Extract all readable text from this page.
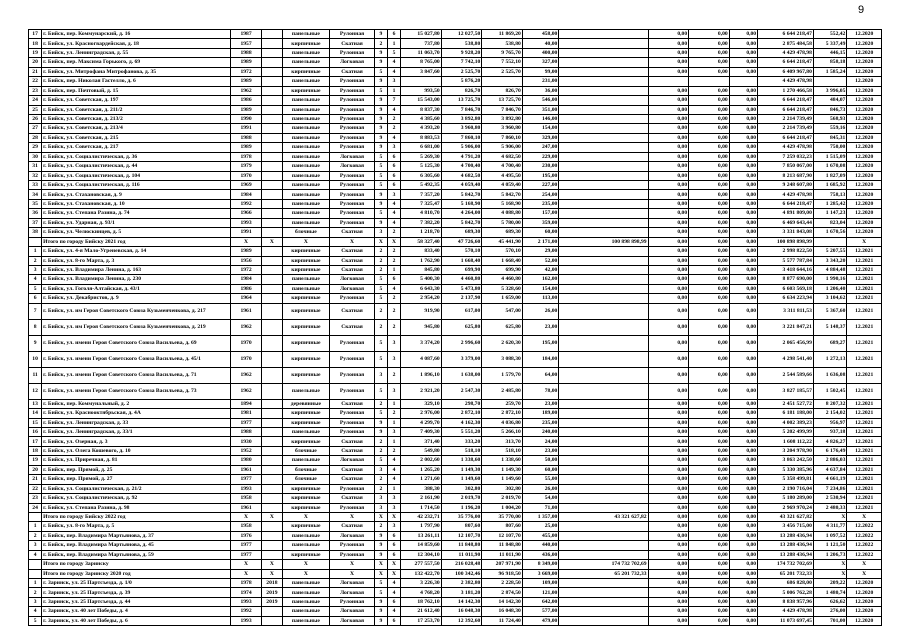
9
17	г. Бийск, пер. Коммунарский, д. 16	1987		панельные	Рулонная	9	6	15 027,80	12 027,50	11 869,20	458,00		0,00	0,00	0,00	6 644 218,47	552,42	12.2020
18	г. Бийск, ул. Красногвардейская, д. 18	1957		кирпичные	Скатная	2	1	737,80	538,80	538,80	40,00		0,00	0,00	0,00	2 875 484,58	5 337,49	12.2020
19	г. Бийск, ул. Ленинградская, д. 55	1988		панельные	Рулонная	9	5	11 063,70	9 928,20	9 765,70	400,00		0,00	0,00	0,00	4 429 478,98	446,15	12.2020
20	г. Бийск, пер. Максима Горького, д. 69	1989		панельные	Логковая	9	4	8 765,00	7 742,10	7 552,10	327,00		0,00	0,00	0,00	6 644 218,47	858,18	12.2020
21	г. Бийск, ул. Митрофана Митрофанова, д. 35	1972		кирпичные	Скатная	5	4	3 847,60	2 525,70	2 525,70	99,00		0,00	0,00	0,00	6 409 967,80	1 585,24	12.2020
22	г. Бийск, пер. Николая Гастелло, д. 6	1989		панельные	Рулонная	9	3		5 876,20		231,00					4 429 478,98		12.2020
23	г. Бийск, пер. Почтовый, д. 15	1962		кирпичные	Рулонная	5	1	993,50	826,70	826,70	36,00		0,00	0,00	0,00	1 270 466,58	3 996,05	12.2020
24	г. Бийск, ул. Советская, д. 197	1986		панельные	Рулонная	9	7	15 543,00	13 725,70	13 725,70	546,00		0,00	0,00	0,00	6 644 218,47	484,07	12.2020
25	г. Бийск, ул. Советская, д. 211/2	1989		панельные	Рулонная	9	4	8 837,30	7 846,70	7 846,70	351,00		0,00	0,00	0,00	6 644 218,47	846,73	12.2020
26	г. Бийск, ул. Советская, д. 213/2	1990		панельные	Рулонная	9	2	4 385,60	3 892,80	3 892,80	146,00		0,00	0,00	0,00	2 214 739,49	568,93	12.2020
27	г. Бийск, ул. Советская, д. 213/4	1991		панельные	Рулонная	9	2	4 393,20	3 960,80	3 960,80	154,00		0,00	0,00	0,00	2 214 739,49	559,16	12.2020
28	г. Бийск, ул. Советская, д. 215	1988		панельные	Рулонная	9	4	8 883,53	7 860,10	7 860,10	329,00		0,00	0,00	0,00	6 644 218,47	845,31	12.2020
29	г. Бийск, ул. Советская, д. 217	1989		панельные	Рулонная	9	3	6 681,00	5 906,00	5 906,00	247,00		0,00	0,00	0,00	4 429 478,98	750,00	12.2020
30	г. Бийск, ул. Социалистическая, д. 36	1978		панельные	Логковая	5	6	5 269,30	4 791,20	4 682,50	229,00		0,00	0,00	0,00	7 259 032,23	1 515,09	12.2020
31	г. Бийск, ул. Социалистическая, д. 44	1979		панельные	Логковая	5	6	5 125,30	4 700,40	4 700,40	230,00		0,00	0,00	0,00	7 850 067,00	1 670,08	12.2020
32	г. Бийск, ул. Социалистическая, д. 104	1970		панельные	Рулонная	5	6	6 305,60	4 682,50	4 495,50	195,00		0,00	0,00	0,00	8 213 687,90	1 827,09	12.2020
33	г. Бийск, ул. Социалистическая, д. 116	1969		панельные	Рулонная	5	6	5 492,35	4 059,40	4 059,40	227,00		0,00	0,00	0,00	9 248 607,80	1 685,92	12.2020
34	г. Бийск, ул. Стахановская, д. 9	1984		панельные	Рулонная	9	3	7 357,20	5 842,70	5 842,70	254,00		0,00	0,00	0,00	4 429 478,98	758,13	12.2020
35	г. Бийск, ул. Стахановская, д. 10	1992		панельные	Рулонная	9	4	7 325,47	5 168,90	5 168,90	235,00		0,00	0,00	0,00	6 644 218,47	1 285,42	12.2020
36	г. Бийск, ул. Степана Разина, д. 74	1966		панельные	Рулонная	5	4	4 810,70	4 264,00	4 088,80	157,00		0,00	0,00	0,00	4 891 809,00	1 147,23	12.2020
37	г. Бийск, ул. Ударная, д. 93/1	1993		панельные	Рулонная	9	4	7 382,20	5 842,70	5 780,00	359,00		0,00	0,00	0,00	6 469 643,44	823,04	12.2020
38	г. Бийск, ул. Челюскинцев, д. 5	1991		блочные	Скатная	3	2	1 218,70	689,30	689,30	60,00		0,00	0,00	0,00	3 331 843,08	1 670,56	12.2020
	Итого по городу Бийску 2021 год	X	X	X	X	X	X	58 327,40	47 726,60	45 441,90	2 171,00	100 898 898,99	0,00	0,00	0,00	100 898 898,99		X
1	г. Бийск, ул. 4-я Мало-Угреневская, д. 14	1989		кирпичные	Скатная	2	2	833,40	570,10	570,10	29,00		0,00	0,00	0,00	2 998 822,50	5 207,55	12.2021
2	г. Бийск, ул. 8-го Марта, д. 3	1956		кирпичные	Скатная	2	2	1 762,90	1 668,40	1 668,40	52,00		0,00	0,00	0,00	5 577 787,84	3 343,20	12.2021
3	г. Бийск, ул. Владимира Ленина, д. 163	1972		кирпичные	Скатная	2	1	845,80	699,90	699,90	42,00		0,00	0,00	0,00	3 418 644,16	4 884,48	12.2021
4	г. Бийск, ул. Владимира Ленина, д. 230	1984		панельные	Логковая	5	6	5 400,30	4 460,80	4 460,80	162,00		0,00	0,00	0,00	8 877 690,00	1 990,16	12.2021
5	г. Бийск, ул. Гоголя-Алтайская, д. 43/1	1986		панельные	Логковая	5	4	6 643,30	5 473,80	5 328,60	154,00		0,00	0,00	0,00	6 603 569,18	1 206,40	12.2021
6	г. Бийск, ул. Декабристов, д. 9	1964		кирпичные	Рулонная	5	2	2 954,20	2 137,90	1 659,00	113,00		0,00	0,00	0,00	6 634 223,94	3 104,62	12.2021
7	г. Бийск, ул. им Героя Советского Союза Кузьменченкова, д. 217	1961		кирпичные	Скатная	2	2	919,90	617,00	547,00	26,00		0,00	0,00	0,00	3 311 811,53	5 367,60	12.2021
8	г. Бийск, ул. им Героя Советского Союза Кузьменченкова, д. 219	1962		кирпичные	Скатная	2	2	945,80	625,80	625,80	23,00		0,00	0,00	0,00	3 221 847,21	5 148,37	12.2021
9	г. Бийск, ул. имени Героя Советского Союза Васильева, д. 69	1970		кирпичные	Рулонная	5	3	3 374,20	2 996,60	2 620,30	195,00		0,00	0,00	0,00	2 065 456,99	689,27	12.2021
10	г. Бийск, ул. имени Героя Советского Союза Васильева, д. 45/1	1970		кирпичные	Рулонная	5	3	4 087,60	3 379,00	3 088,30	184,00		0,00	0,00	0,00	4 298 541,40	1 272,13	12.2021
11	г. Бийск, ул. имени Героя Советского Союза Васильева, д. 71	1962		кирпичные	Рулонная	3	2	1 896,10	1 638,00	1 579,70	64,00		0,00	0,00	0,00	2 544 589,66	1 636,08	12.2021
12	г. Бийск, ул. имени Героя Советского Союза Васильева, д. 73	1962		панельные	Рулонная	5	3	2 921,20	2 547,30	2 485,80	78,00		0,00	0,00	0,00	3 827 185,57	1 502,45	12.2021
13	г. Бийск, пер. Коммунальный, д. 2	1894		деревянные	Скатная	2	1	329,10	298,70	259,70	23,00		0,00	0,00	0,00	2 451 527,72	8 207,32	12.2021
14	г. Бийск, ул. Краснооктябрьская, д. 4А	1981		кирпичные	Рулонная	5	2	2 976,00	2 872,10	2 872,10	189,00		0,00	0,00	0,00	6 181 188,00	2 154,02	12.2021
15	г. Бийск, ул. Ленинградская, д. 33	1977		кирпичные	Рулонная	9	1	4 299,70	4 162,30	4 036,80	235,00		0,00	0,00	0,00	4 002 389,23	956,97	12.2021
16	г. Бийск, ул. Ленинградская, д. 33/1	1988		панельные	Рулонная	9	3	7 409,30	5 551,20	5 266,10	240,00		0,00	0,00	0,00	5 202 499,99	937,18	12.2021
17	г. Бийск, ул. Озерная, д. 3	1930		кирпичные	Скатная	2	1	371,40	333,20	313,70	24,00		0,00	0,00	0,00	1 608 112,22	4 826,27	12.2021
18	г. Бийск, ул. Олега Кошевого, д. 10	1952		блочные	Скатная	2	2	549,80	518,10	518,10	23,00		0,00	0,00	0,00	3 204 978,90	6 176,49	12.2021
19	г. Бийск, ул. Приречная, д. 81	1980		панельные	Логковая	5	4	2 002,60	1 338,60	1 338,60	50,00		0,00	0,00	0,00	3 863 242,50	2 886,03	12.2021
20	г. Бийск, пер. Прямой, д. 25	1961		блочные	Скатная	3	4	1 265,20	1 149,30	1 149,30	60,00		0,00	0,00	0,00	5 330 385,96	4 637,84	12.2021
21	г. Бийск, пер. Прямой, д. 27	1977		блочные	Скатная	2	4	1 271,60	1 149,60	1 149,60	55,00		0,00	0,00	0,00	5 358 499,81	4 661,19	12.2021
22	г. Бийск, ул. Социалистическая, д. 21/2	1993		кирпичные	Рулонная	2	1	388,30	302,80	302,80	26,00		0,00	0,00	0,00	2 190 716,04	7 234,86	12.2021
23	г. Бийск, ул. Социалистическая, д. 92	1958		кирпичные	Скатная	3	3	2 161,90	2 019,70	2 019,70	54,00		0,00	0,00	0,00	5 180 289,00	2 530,94	12.2021
24	г. Бийск, ул. Степана Разина, д. 98	1961		кирпичные	Рулонная	3	3	1 714,50	1 196,20	1 004,20	71,00		0,00	0,00	0,00	2 969 970,24	2 480,33	12.2021
	Итого по городу Бийску 2022 год	X	X	X	X	X	X	42 232,71	35 776,00	35 770,00	1 357,00	43 321 627,82	0,00	0,00	0,00	43 321 627,82	X	X
1	г. Бийск, ул. 8-го Марта, д. 5	1958		кирпичные	Скатная	2	3	1 797,90	807,60	807,60	25,00		0,00	0,00	0,00	3 456 715,00	4 311,77	12.2022
2	г. Бийск, пер. Владимира Мартьянова, д. 37	1976		панельные	Логковая	9	6	13 261,11	12 107,70	12 107,70	455,00		0,00	0,00	0,00	13 288 436,94	1 097,52	12.2022
3	г. Бийск, пер. Владимира Мартьянова, д. 45	1977		панельные	Рулонная	9	6	14 859,60	11 848,80	11 848,80	440,00		0,00	0,00	0,00	13 288 436,94	1 121,50	12.2022
4	г. Бийск, пер. Владимира Мартьянова, д. 59	1977		кирпичные	Рулонная	9	6	12 304,10	11 011,90	11 011,90	436,00		0,00	0,00	0,00	13 288 436,94	1 206,73	12.2022
	Итого по городу Заринску	X	X	X	X	X	X	277 557,50	216 028,48	207 971,90	8 349,00	174 732 702,69	0,00	0,00	0,00	174 732 702,69	X	X
	Итого по городу Заринску 2020 год	X	X	X	X	X	X	132 422,70	100 342,46	96 918,50	3 669,00	65 201 732,33	0,00	0,00	0,00	65 201 732,33	X	X
1	г. Заринск, ул. 25 Партсъезда, д. 1/0	1978	2018	панельные	Логковая	5	4	3 226,30	2 382,80	2 228,50	109,00		0,00	0,00	0,00	686 828,00	209,22	12.2020
2	г. Заринск, ул. 25 Партсъезда, д. 39	1974	2019	панельные	Логковая	5	4	4 768,20	3 181,20	2 874,50	121,00		0,00	0,00	0,00	5 006 762,28	1 480,74	12.2020
3	г. Заринск, ул. 25 Партсъезда, д. 44	1993	2019	панельные	Рулонная	9	6	18 762,10	14 142,30	14 142,30	642,00		0,00	0,00	0,00	8 838 957,96	626,62	12.2020
4	г. Заринск, ул. 40 лет Победы, д. 4	1992		панельные	Логковая	9	4	21 612,40	16 048,30	16 048,30	577,00		0,00	0,00	0,00	4 429 478,98	276,00	12.2020
5	г. Заринск, ул. 40 лет Победы, д. 6	1993		панельные	Логковая	9	6	17 253,70	12 392,60	11 724,40	479,00		0,00	0,00	0,00	11 073 697,45	701,00	12.2020
